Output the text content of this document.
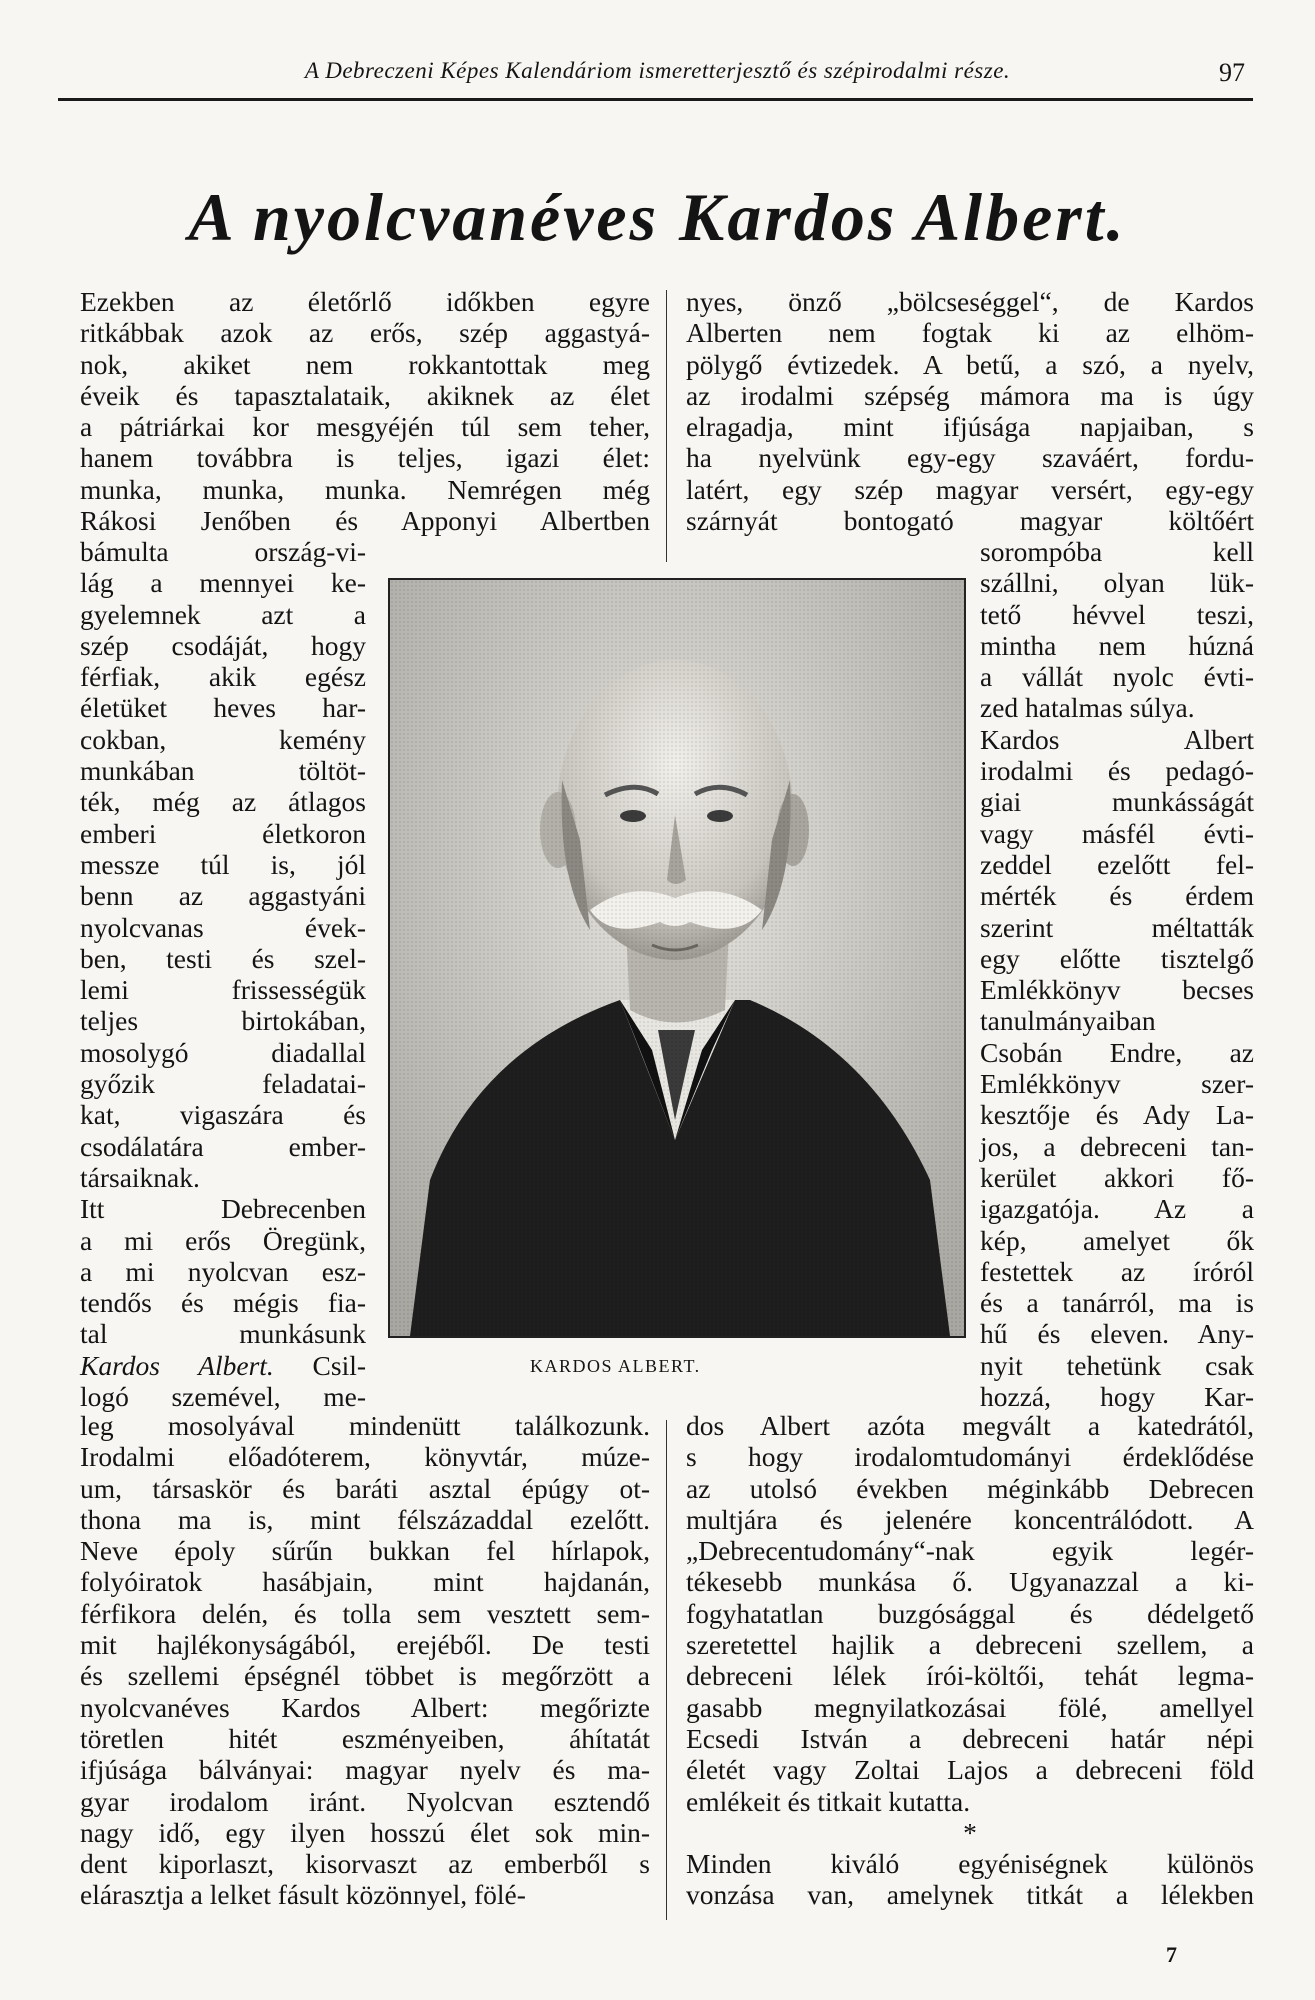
A Debreczeni Képes Kalendáriom ismeretterjesztő és szépirodalmi része.	97
A nyolcvanéves Kardos Albert.
Ezekben az életőrlő időkben egyre
ritkábbak azok az erős, szép aggastyá-
nok, akiket nem rokkantottak meg
éveik és tapasztalataik, akiknek az élet
a pátriárkai kor mesgyéjén túl sem teher,
hanem továbbra is teljes, igazi élet:
munka, munka, munka. Nemrégen még
Rákosi Jenőben és Apponyi Albertben
bámulta ország-vi-
lág a mennyei ke-
gyelemnek azt a
szép csodáját, hogy
férfiak, akik egész
életüket heves har-
cokban, kemény
munkában töltöt-
ték, még az átlagos
emberi életkoron
messze túl is, jól
benn az aggastyáni
nyolcvanas évek-
ben, testi és szel-
lemi frissességük
teljes birtokában,
mosolygó diadallal
győzik feladatai-
kat, vigaszára és
csodálatára ember-
társaiknak.
Itt Debrecenben
a mi erős Öregünk,
a mi nyolcvan esz-
tendős és mégis fia-
tal munkásunk
Kardos Albert. Csil-
logó szemével, me-
leg mosolyával mindenütt találkozunk.
Irodalmi előadóterem, könyvtár, múze-
um, társaskör és baráti asztal épúgy ot-
thona ma is, mint félszázaddal ezelőtt.
Neve époly sűrűn bukkan fel hírlapok,
folyóiratok hasábjain, mint hajdanán,
férfikora delén, és tolla sem vesztett sem-
mit hajlékonyságából, erejéből. De testi
és szellemi épségnél többet is megőrzött a
nyolcvanéves Kardos Albert: megőrizte
töretlen hitét eszményeiben, áhítatát
ifjúsága bálványai: magyar nyelv és ma-
gyar irodalom iránt. Nyolcvan esztendő
nagy idő, egy ilyen hosszú élet sok min-
dent kiporlaszt, kisorvaszt az emberből s
elárasztja a lelket fásult közönnyel, fölé-
nyes, önző „bölcseséggel“, de Kardos
Alberten nem fogtak ki az elhöm-
pölygő évtizedek. A betű, a szó, a nyelv,
az irodalmi szépség mámora ma is úgy
elragadja, mint ifjúsága napjaiban, s
ha nyelvünk egy-egy szaváért, fordu-
latért, egy szép magyar versért, egy-egy
szárnyát bontogató magyar költőért
sorompóba kell
szállni, olyan lük-
tető hévvel teszi,
mintha nem húzná
a vállát nyolc évti-
zed hatalmas súlya.
Kardos Albert
irodalmi és pedagó-
giai munkásságát
vagy másfél évti-
zeddel ezelőtt fel-
mérték és érdem
szerint méltatták
egy előtte tisztelgő
Emlékkönyv becses
tanulmányaiban
Csobán Endre, az
Emlékkönyv szer-
kesztője és Ady La-
jos, a debreceni tan-
kerület akkori fő-
igazgatója. Az a
kép, amelyet ők
festettek az íróról
és a tanárról, ma is
hű és eleven. Any-
nyit tehetünk csak
hozzá, hogy Kar-
dos Albert azóta megvált a katedrától,
s hogy irodalomtudományi érdeklődése
az utolsó években méginkább Debrecen
multjára és jelenére koncentrálódott. A
„Debrecentudomány“-nak egyik legér-
tékesebb munkása ő. Ugyanazzal a ki-
fogyhatatlan buzgósággal és dédelgető
szeretettel hajlik a debreceni szellem, a
debreceni lélek írói-költői, tehát legma-
gasabb megnyilatkozásai fölé, amellyel
Ecsedi István a debreceni határ népi
életét vagy Zoltai Lajos a debreceni föld
emlékeit és titkait kutatta.
*
Minden kiváló egyéniségnek különös
vonzása van, amelynek titkát a lélekben
KARDOS ALBERT.
7
